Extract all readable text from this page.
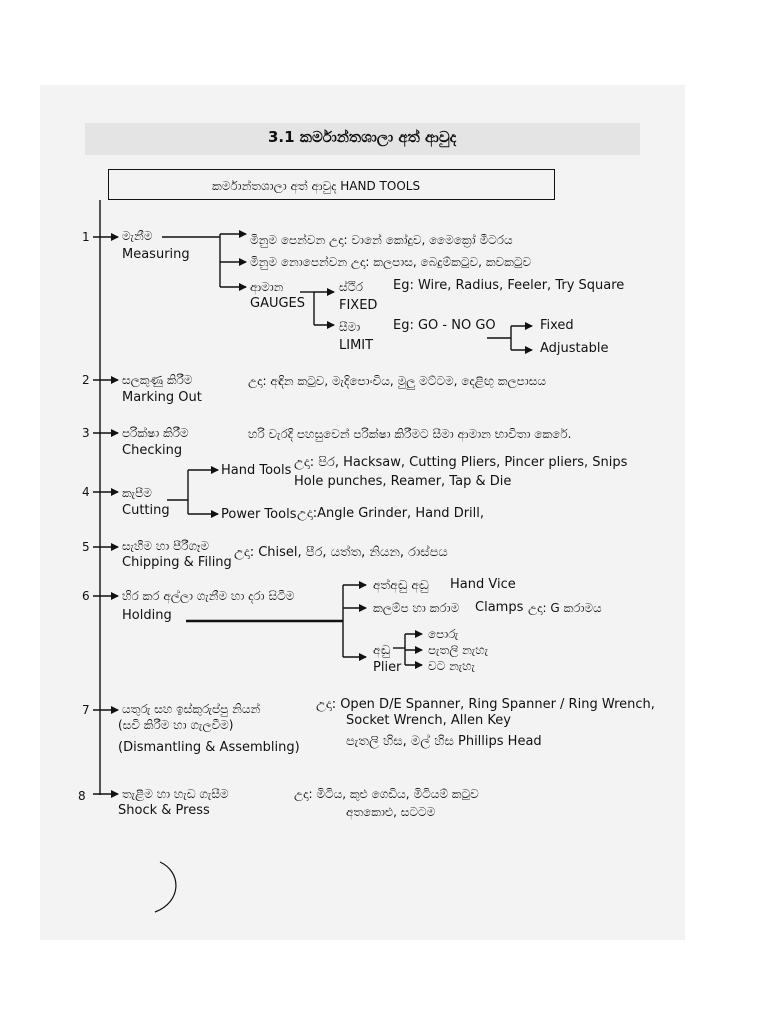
3.1 කර්මාන්තශාලා අත් ආවුද
කර්මාන්තශාලා අත් ආවුද HAND TOOLS
1	මැනීම
Measuring
මිනුම පෙන්වන උදා: වානේ කෝදුව, මෛක්‍රෝ මීටරය
මිනුම නොපෙන්වන උදා: කලපාස, බෙදුම්කටුව, කවකටුව
ආමාන
GAUGES
ස්ථිර
FIXED
Eg: Wire, Radius, Feeler, Try Square
සීමා
LIMIT
Eg: GO - NO GO	Fixed
Adjustable
2	සලකුණු කිරීම
Marking Out
උදා: අඳින කටුව, මැදිපොංචිය, මුලු මට්ටම, දෙළිඟු කලපාසය
3	පරික්ෂා කිරීම
Checking
හරි වැරදි පහසුවෙන් පරික්ෂා කිරීමට සීමා ආමාන භාවිතා කෙරේ.
4	කැපීම
Cutting
Hand Tools
උදා: පිර, Hacksaw, Cutting Pliers, Pincer pliers, Snips
Hole punches, Reamer, Tap & Die
Power Tools උදා:Angle Grinder, Hand Drill,
5	සැහීම හා පීරීගෑම
Chipping & Filing
උදා: Chisel, පීර, යත්ත, නියන, රාස්පය
6	හිර කර අල්ලා ගැනීම හා දරා සිටීම
Holding
අත්අඬු අඬු Hand Vice
කලම්ප හා කරාම Clamps උදා: G කරාමය
අඬු
Plier
පොරු
පැතලි නැහැ
වට නැහැ
7	යතුරු සහ ඉස්කුරුප්පු නියන්
(සවි කිරීම හා ගැලවීම)
(Dismantling & Assembling)
උදා: Open D/E Spanner, Ring Spanner / Ring Wrench,
Socket Wrench, Allen Key
පැතලි හිස, මල් හිස Phillips Head
8	තැළීම හා හැඩ ගැසීම
Shock & Press
උදා: මිටිය, කුළු ගෙඩිය, මිටියම් කටුව
අතකොළු, සටටම
